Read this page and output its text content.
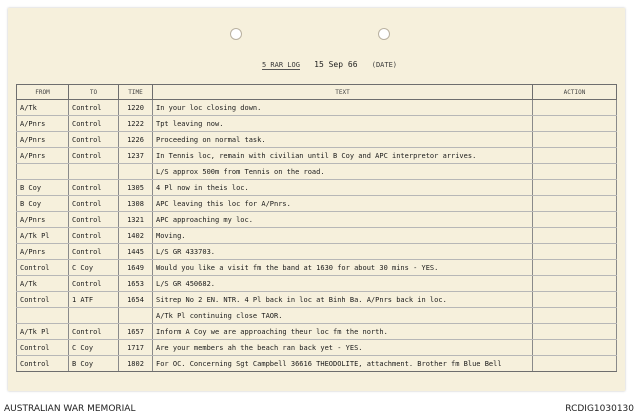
5 RAR LOG 15 Sep 66 (DATE)
FROM	TO	TIME	TEXT	ACTION
A/Tk	Control	1220	In your loc closing down.	
A/Pnrs	Control	1222	Tpt leaving now.	
A/Pnrs	Control	1226	Proceeding on normal task.	
A/Pnrs	Control	1237	In Tennis loc, remain with civilian until B Coy and APC interpretor arrives.	
			L/S approx 500m from Tennis on the road.	
B Coy	Control	1305	4 Pl now in theis loc.	
B Coy	Control	1308	APC leaving this loc for A/Pnrs.	
A/Pnrs	Control	1321	APC approaching my loc.	
A/Tk Pl	Control	1402	Moving.	
A/Pnrs	Control	1445	L/S GR 433703.	
Control	C Coy	1649	Would you like a visit fm the band at 1630 for about 30 mins - YES.	
A/Tk	Control	1653	L/S GR 450682.	
Control	1 ATF	1654	Sitrep No 2 EN. NTR. 4 Pl back in loc at Binh Ba. A/Pnrs back in loc.	
			A/Tk Pl continuing close TAOR.	
A/Tk Pl	Control	1657	Inform A Coy we are approaching theur loc fm the north.	
Control	C Coy	1717	Are your members ah the beach ran back yet - YES.	
Control	B Coy	1802	For OC. Concerning Sgt Campbell 36616 THEODOLITE, attachment. Brother fm Blue Bell	
AUSTRALIAN WAR MEMORIAL	RCDIG1030130
